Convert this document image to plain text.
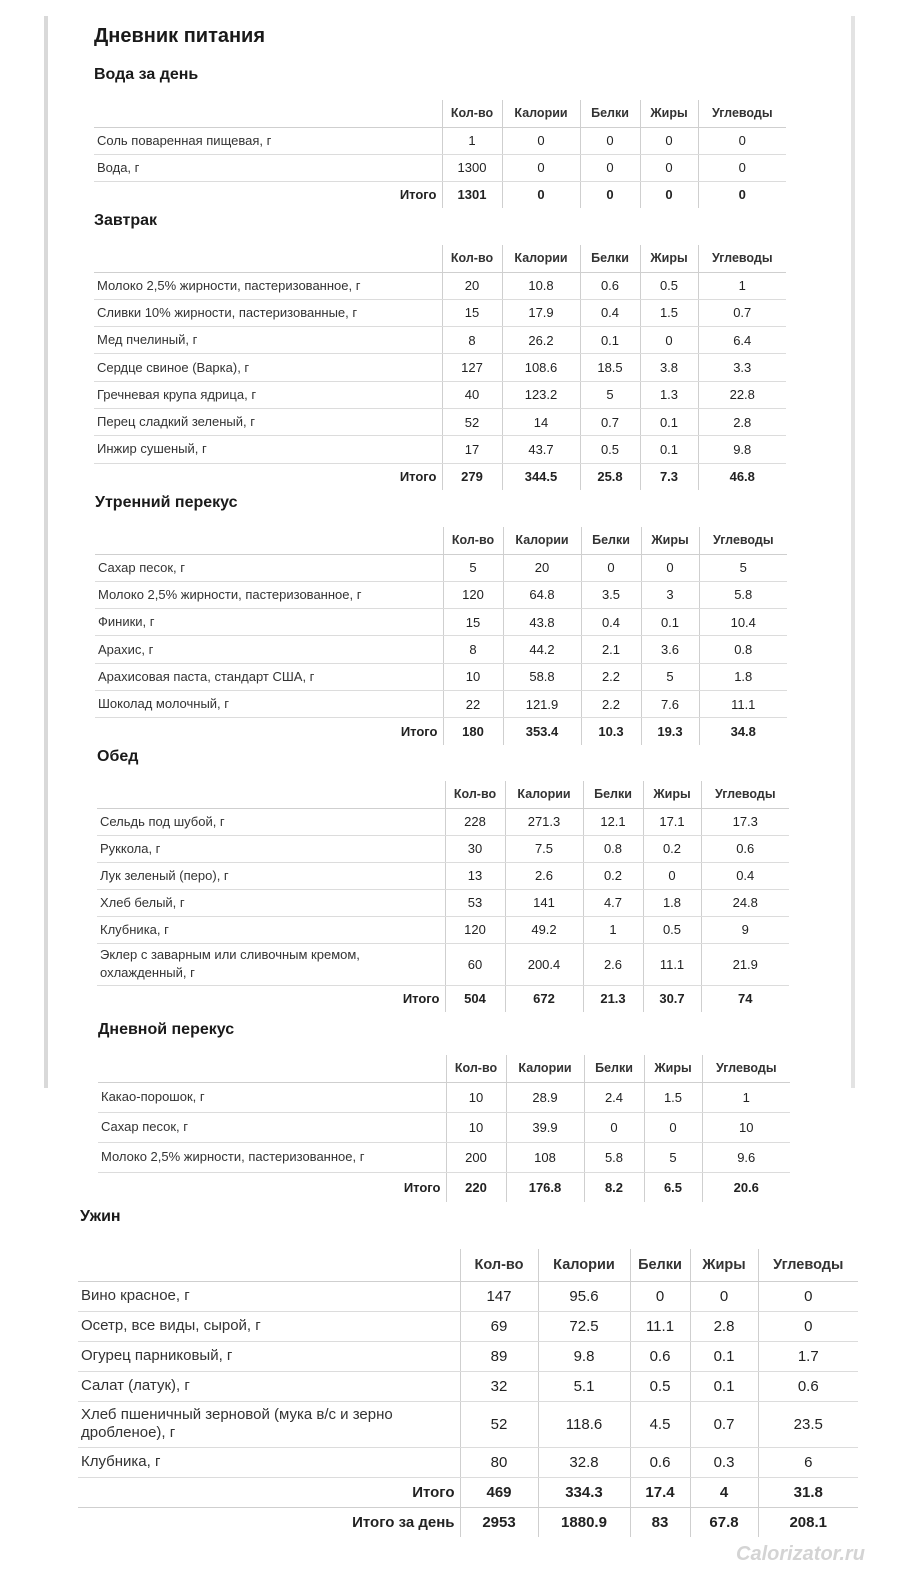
Дневник питания
Вода за день
	Кол-во	Калории	Белки	Жиры	Углеводы
Соль поваренная пищевая, г	1	0	0	0	0
Вода, г	1300	0	0	0	0
Итого	1301	0	0	0	0
Завтрак
	Кол-во	Калории	Белки	Жиры	Углеводы
Молоко 2,5% жирности, пастеризованное, г	20	10.8	0.6	0.5	1
Сливки 10% жирности, пастеризованные, г	15	17.9	0.4	1.5	0.7
Мед пчелиный, г	8	26.2	0.1	0	6.4
Сердце свиное (Варка), г	127	108.6	18.5	3.8	3.3
Гречневая крупа ядрица, г	40	123.2	5	1.3	22.8
Перец сладкий зеленый, г	52	14	0.7	0.1	2.8
Инжир сушеный, г	17	43.7	0.5	0.1	9.8
Итого	279	344.5	25.8	7.3	46.8
Утренний перекус
	Кол-во	Калории	Белки	Жиры	Углеводы
Сахар песок, г	5	20	0	0	5
Молоко 2,5% жирности, пастеризованное, г	120	64.8	3.5	3	5.8
Финики, г	15	43.8	0.4	0.1	10.4
Арахис, г	8	44.2	2.1	3.6	0.8
Арахисовая паста, стандарт США, г	10	58.8	2.2	5	1.8
Шоколад молочный, г	22	121.9	2.2	7.6	11.1
Итого	180	353.4	10.3	19.3	34.8
Обед
	Кол-во	Калории	Белки	Жиры	Углеводы
Сельдь под шубой, г	228	271.3	12.1	17.1	17.3
Руккола, г	30	7.5	0.8	0.2	0.6
Лук зеленый (перо), г	13	2.6	0.2	0	0.4
Хлеб белый, г	53	141	4.7	1.8	24.8
Клубника, г	120	49.2	1	0.5	9
Эклер с заварным или сливочным кремом, охлажденный, г	60	200.4	2.6	11.1	21.9
Итого	504	672	21.3	30.7	74
Дневной перекус
	Кол-во	Калории	Белки	Жиры	Углеводы
Какао-порошок, г	10	28.9	2.4	1.5	1
Сахар песок, г	10	39.9	0	0	10
Молоко 2,5% жирности, пастеризованное, г	200	108	5.8	5	9.6
Итого	220	176.8	8.2	6.5	20.6
Ужин
	Кол-во	Калории	Белки	Жиры	Углеводы
Вино красное, г	147	95.6	0	0	0
Осетр, все виды, сырой, г	69	72.5	11.1	2.8	0
Огурец парниковый, г	89	9.8	0.6	0.1	1.7
Салат (латук), г	32	5.1	0.5	0.1	0.6
Хлеб пшеничный зерновой (мука в/с и зерно дробленое), г	52	118.6	4.5	0.7	23.5
Клубника, г	80	32.8	0.6	0.3	6
Итого	469	334.3	17.4	4	31.8
Итого за день	2953	1880.9	83	67.8	208.1
Calorizator.ru
